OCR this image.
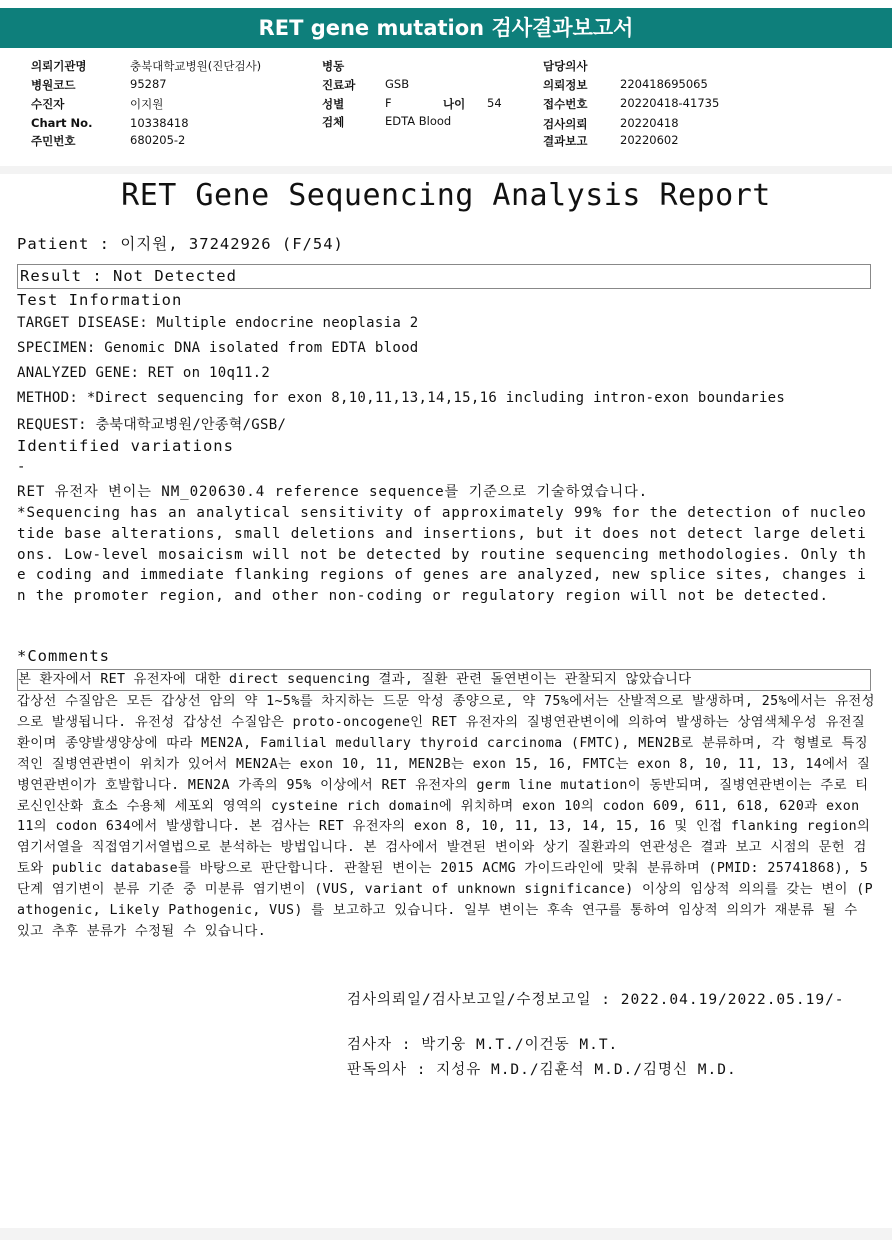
RET gene mutation 검사결과보고서
의뢰기관명	충북대학교병원(진단검사)
병원코드	95287
수진자	이지원
Chart No.	10338418
주민번호	680205-2
병동
진료과	GSB
성별	F	나이 54
검체	EDTA Blood
담당의사
의뢰정보	220418695065
접수번호	20220418-41735
검사의뢰	20220418
결과보고	20220602
RET Gene Sequencing Analysis Report
Patient : 이지원, 37242926 (F/54)
Result : Not Detected
Test Information
TARGET DISEASE: Multiple endocrine neoplasia 2
SPECIMEN: Genomic DNA isolated from EDTA blood
ANALYZED GENE: RET on 10q11.2
METHOD: *Direct sequencing for exon 8,10,11,13,14,15,16 including intron-exon boundaries
REQUEST: 충북대학교병원/안종혁/GSB/
Identified variations
-
RET 유전자 변이는 NM_020630.4 reference sequence를 기준으로 기술하였습니다.
*Sequencing has an analytical sensitivity of approximately 99% for the detection of nucleotide base alterations, small deletions and insertions, but it does not detect large deletions. Low-level mosaicism will not be detected by routine sequencing methodologies. Only the coding and immediate flanking regions of genes are analyzed, new splice sites, changes in the promoter region, and other non-coding or regulatory region will not be detected.
*Comments
본 환자에서 RET 유전자에 대한 direct sequencing 결과, 질환 관련 돌연변이는 관찰되지 않았습니다
갑상선 수질암은 모든 갑상선 암의 약 1~5%를 차지하는 드문 악성 종양으로, 약 75%에서는 산발적으로 발생하며, 25%에서는 유전성으로 발생됩니다. 유전성 갑상선 수질암은 proto-oncogene인 RET 유전자의 질병연관변이에 의하여 발생하는 상염색체우성 유전질환이며 종양발생양상에 따라 MEN2A, Familial medullary thyroid carcinoma (FMTC), MEN2B로 분류하며, 각 형별로 특징적인 질병연관변이 위치가 있어서 MEN2A는 exon 10, 11, MEN2B는 exon 15, 16, FMTC는 exon 8, 10, 11, 13, 14에서 질병연관변이가 호발합니다. MEN2A 가족의 95% 이상에서 RET 유전자의 germ line mutation이 동반되며, 질병연관변이는 주로 티로신인산화 효소 수용체 세포외 영역의 cysteine rich domain에 위치하며 exon 10의 codon 609, 611, 618, 620과 exon 11의 codon 634에서 발생합니다. 본 검사는 RET 유전자의 exon 8, 10, 11, 13, 14, 15, 16 및 인접 flanking region의 염기서열을 직접염기서열법으로 분석하는 방법입니다. 본 검사에서 발견된 변이와 상기 질환과의 연관성은 결과 보고 시점의 문헌 검토와 public database를 바탕으로 판단합니다. 관찰된 변이는 2015 ACMG 가이드라인에 맞춰 분류하며 (PMID: 25741868), 5단계 염기변이 분류 기준 중 미분류 염기변이 (VUS, variant of unknown significance) 이상의 임상적 의의를 갖는 변이 (Pathogenic, Likely Pathogenic, VUS) 를 보고하고 있습니다. 일부 변이는 후속 연구를 통하여 임상적 의의가 재분류 될 수 있고 추후 분류가 수정될 수 있습니다.
검사의뢰일/검사보고일/수정보고일 : 2022.04.19/2022.05.19/-
검사자 : 박기웅 M.T./이건동 M.T.
판독의사 : 지성유 M.D./김훈석 M.D./김명신 M.D.
